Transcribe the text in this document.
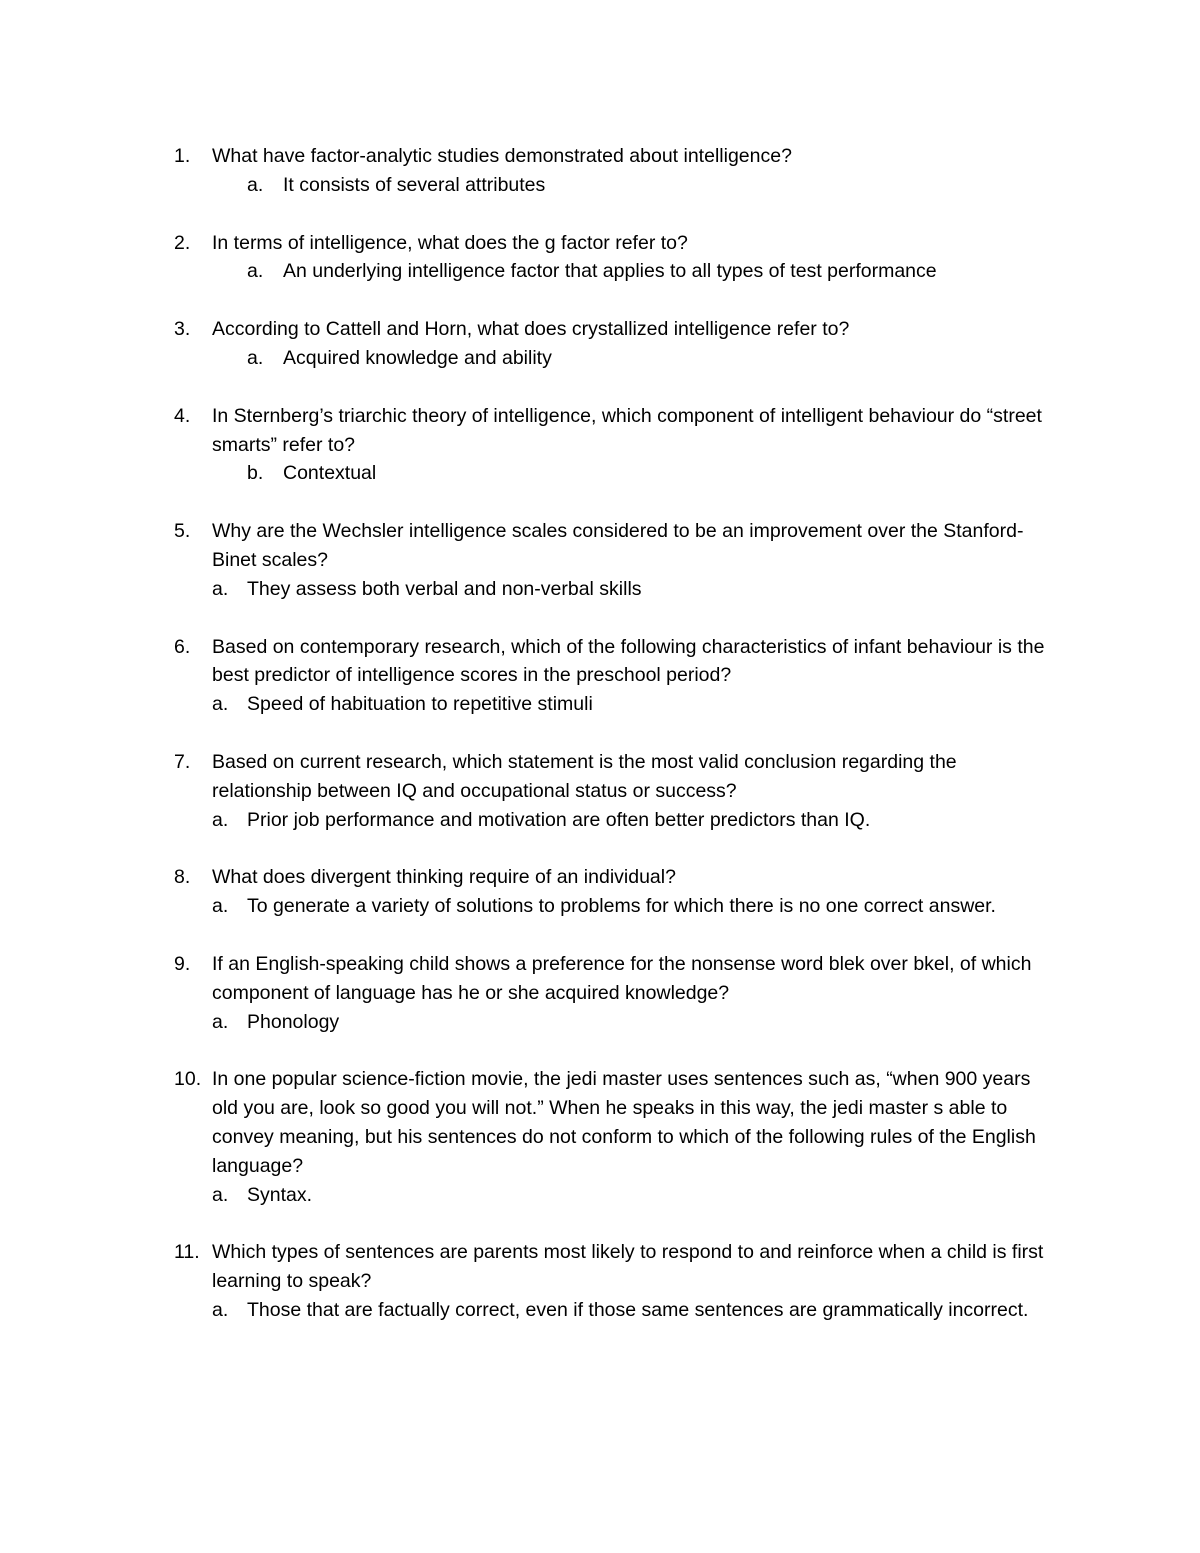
1. What have factor-analytic studies demonstrated about intelligence?
a. It consists of several attributes
2. In terms of intelligence, what does the g factor refer to?
a. An underlying intelligence factor that applies to all types of test performance
3. According to Cattell and Horn, what does crystallized intelligence refer to?
a. Acquired knowledge and ability
4. In Sternberg’s triarchic theory of intelligence, which component of intelligent behaviour do “street smarts” refer to?
b. Contextual
5. Why are the Wechsler intelligence scales considered to be an improvement over the Stanford-Binet scales?
a. They assess both verbal and non-verbal skills
6. Based on contemporary research, which of the following characteristics of infant behaviour is the best predictor of intelligence scores in the preschool period?
a. Speed of habituation to repetitive stimuli
7. Based on current research, which statement is the most valid conclusion regarding the relationship between IQ and occupational status or success?
a. Prior job performance and motivation are often better predictors than IQ.
8. What does divergent thinking require of an individual?
a. To generate a variety of solutions to problems for which there is no one correct answer.
9. If an English-speaking child shows a preference for the nonsense word blek over bkel, of which component of language has he or she acquired knowledge?
a. Phonology
10. In one popular science-fiction movie, the jedi master uses sentences such as, “when 900 years old you are, look so good you will not.” When he speaks in this way, the jedi master s able to convey meaning, but his sentences do not conform to which of the following rules of the English language?
a. Syntax.
11. Which types of sentences are parents most likely to respond to and reinforce when a child is first learning to speak?
a. Those that are factually correct, even if those same sentences are grammatically incorrect.
